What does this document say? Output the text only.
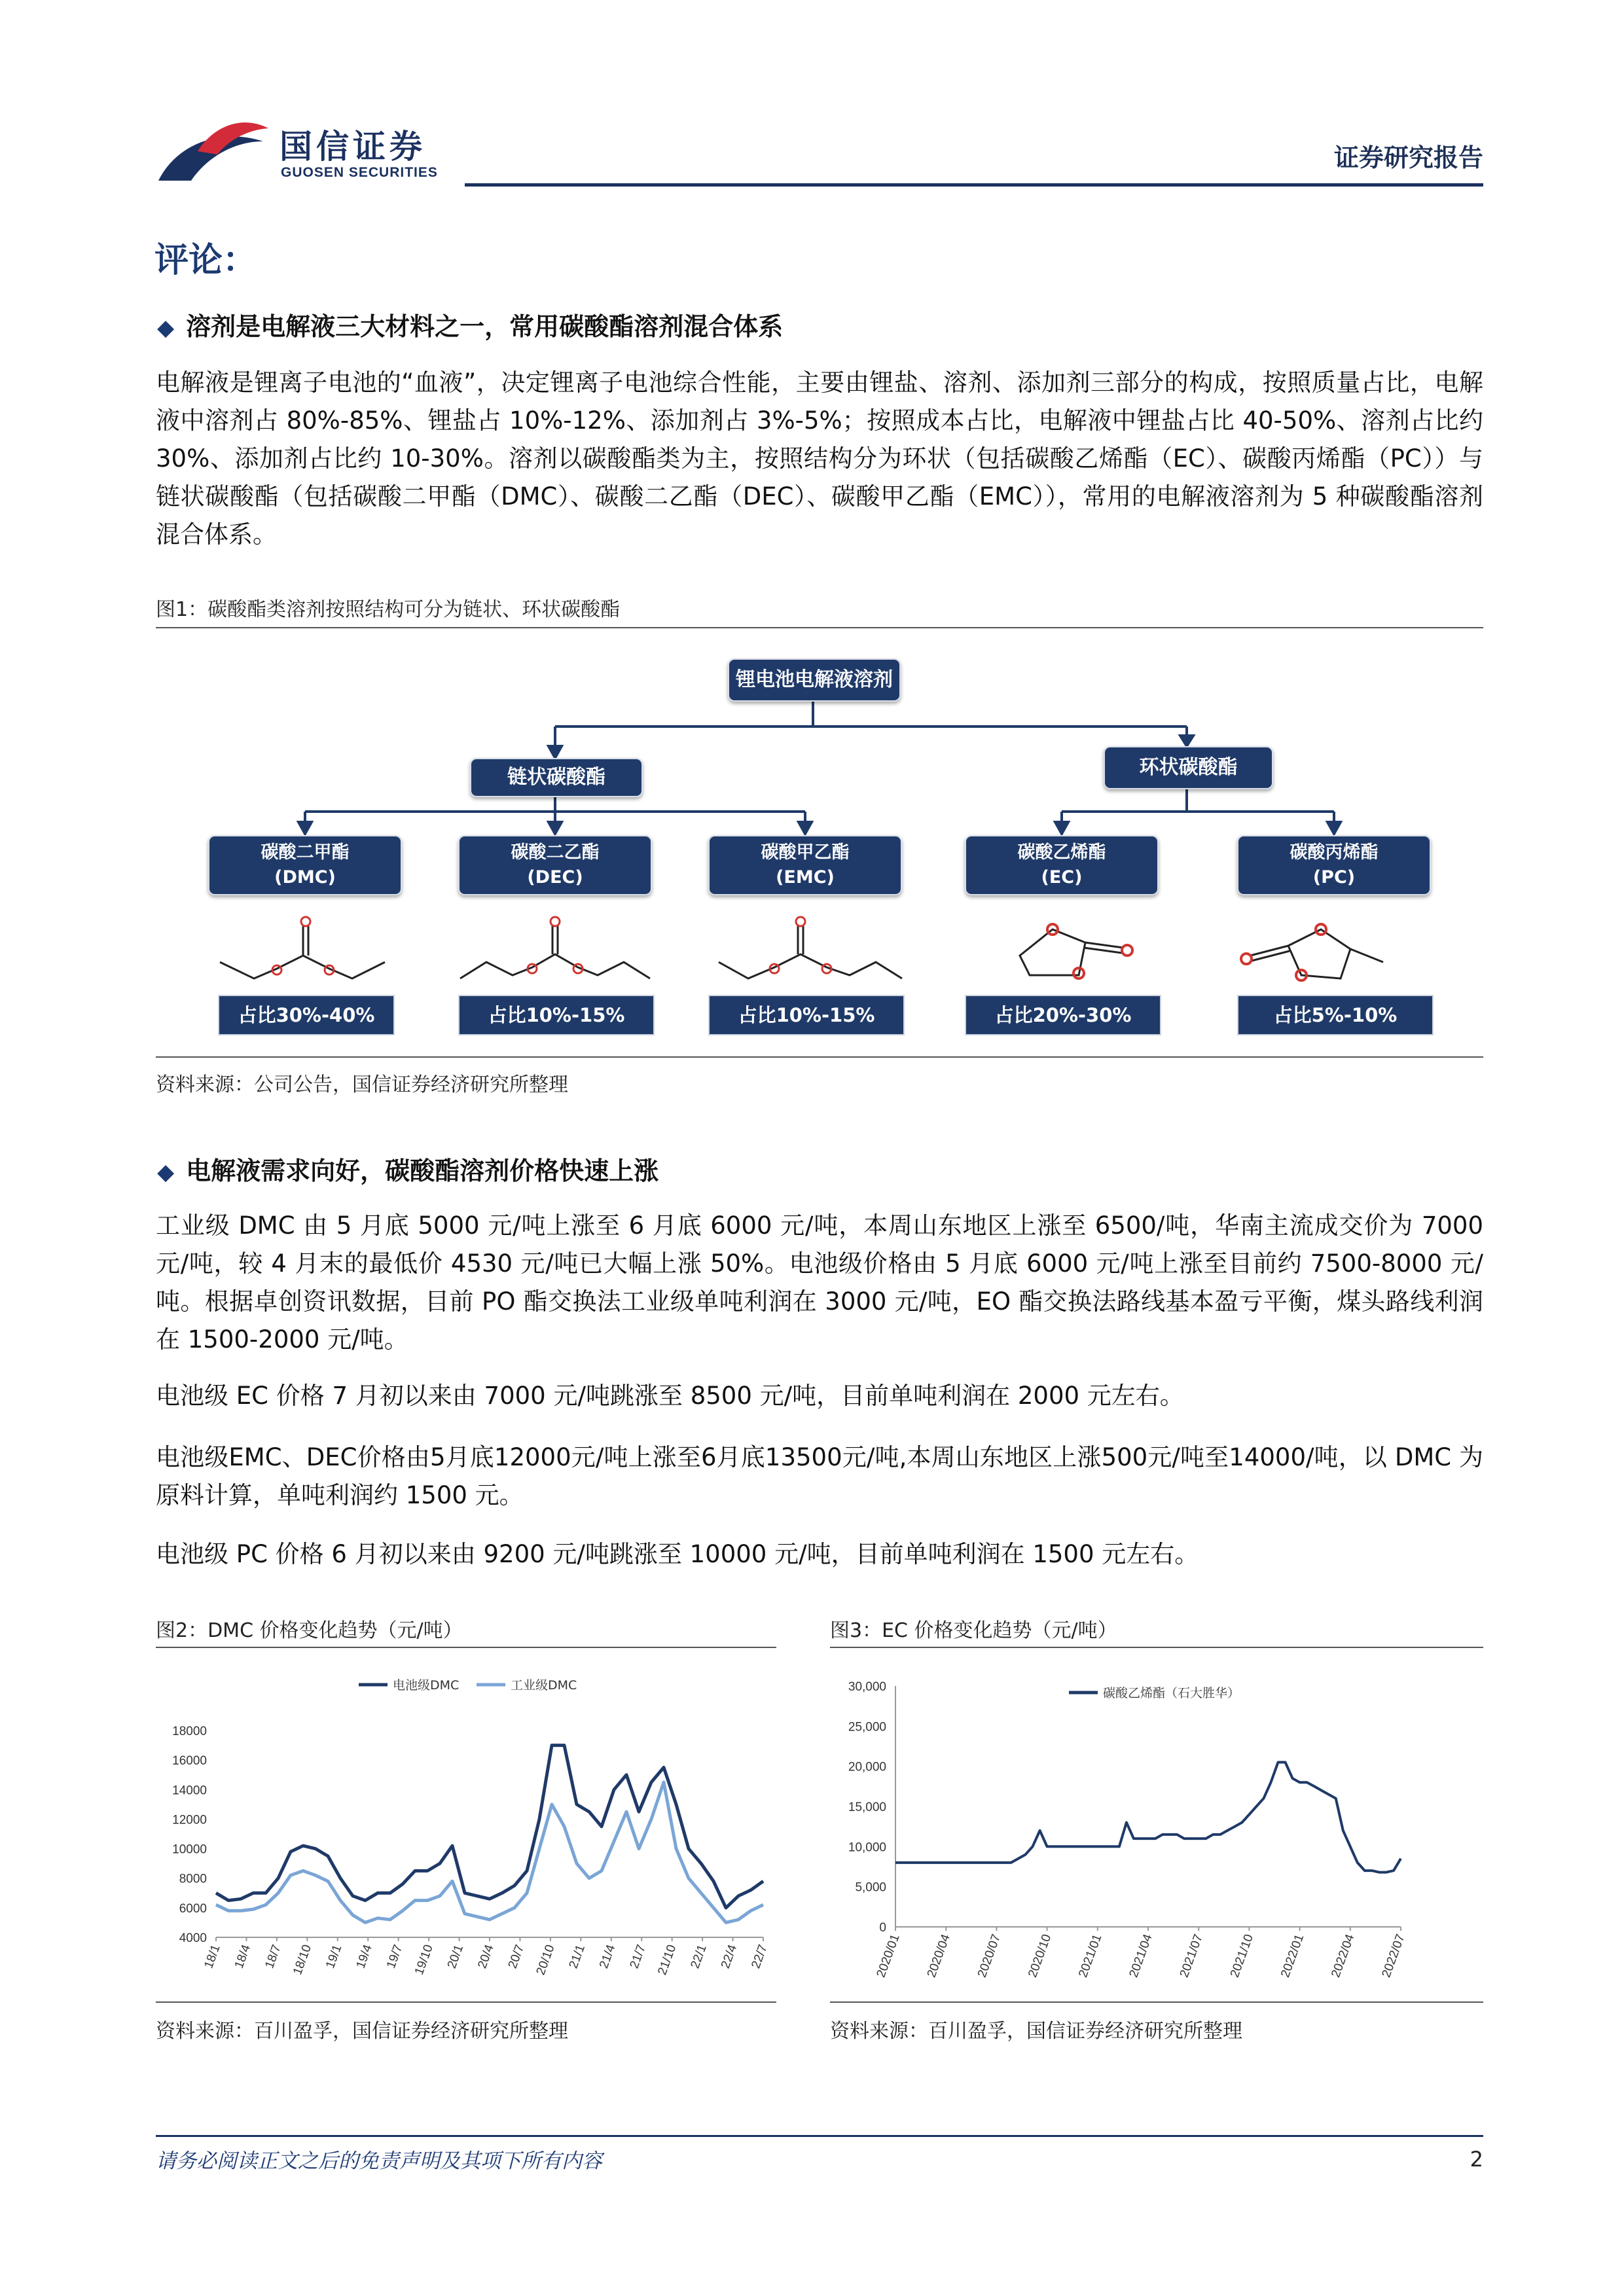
国信证券
GUOSEN SECURITIES
证券研究报告
评论：
◆ 溶剂是电解液三大材料之一，常用碳酸酯溶剂混合体系
电解液是锂离子电池的“血液”，决定锂离子电池综合性能，主要由锂盐、溶剂、添加剂三部分的构成，按照质量占比，电解液中溶剂占 80%-85%、锂盐占 10%-12%、添加剂占 3%-5%；按照成本占比，电解液中锂盐占比 40-50%、溶剂占比约 30%、添加剂占比约 10-30%。溶剂以碳酸酯类为主，按照结构分为环状（包括碳酸乙烯酯（EC）、碳酸丙烯酯（PC））与链状碳酸酯（包括碳酸二甲酯（DMC）、碳酸二乙酯（DEC）、碳酸甲乙酯（EMC）），常用的电解液溶剂为 5 种碳酸酯溶剂混合体系。
图1：碳酸酯类溶剂按照结构可分为链状、环状碳酸酯
锂电池电解液溶剂
链状碳酸酯	环状碳酸酯
碳酸二甲酯
(DMC)
碳酸二乙酯
(DEC)
碳酸甲乙酯
(EMC)
碳酸乙烯酯
(EC)
碳酸丙烯酯
(PC)
占比30%-40%	占比10%-15%	占比10%-15%	占比20%-30%	占比5%-10%
资料来源：公司公告，国信证券经济研究所整理
◆ 电解液需求向好，碳酸酯溶剂价格快速上涨
工业级 DMC 由 5 月底 5000 元/吨上涨至 6 月底 6000 元/吨，本周山东地区上涨至 6500/吨，华南主流成交价为 7000 元/吨，较 4 月末的最低价 4530 元/吨已大幅上涨 50%。电池级价格由 5 月底 6000 元/吨上涨至目前约 7500-8000 元/吨。根据卓创资讯数据，目前 PO 酯交换法工业级单吨利润在 3000 元/吨，EO 酯交换法路线基本盈亏平衡，煤头路线利润在 1500-2000 元/吨。
电池级 EC 价格 7 月初以来由 7000 元/吨跳涨至 8500 元/吨，目前单吨利润在 2000 元左右。
电池级EMC、DEC价格由5月底12000元/吨上涨至6月底13500元/吨,本周山东地区上涨500元/吨至14000/吨，以 DMC 为原料计算，单吨利润约 1500 元。
电池级 PC 价格 6 月初以来由 9200 元/吨跳涨至 10000 元/吨，目前单吨利润在 1500 元左右。
图2：DMC 价格变化趋势（元/吨）	图3：EC 价格变化趋势（元/吨）
18000
16000
14000
12000
10000
8000
6000
4000
18/1 18/4 18/7 18/10 19/1 19/4 19/7 19/10 20/1 20/4 20/7 20/10 21/1 21/4 21/7 21/10 22/1 22/4 22/7
电池级DMC	工业级DMC	30,000
25,000
20,000
15,000
10,000
5,000
0
2020/01 2020/04 2020/07 2020/10 2021/01 2021/04 2021/07 2021/10 2022/01 2022/04 2022/07
碳酸乙烯酯（石大胜华）
资料来源：百川盈孚，国信证券经济研究所整理	资料来源：百川盈孚，国信证券经济研究所整理
请务必阅读正文之后的免责声明及其项下所有内容	2
